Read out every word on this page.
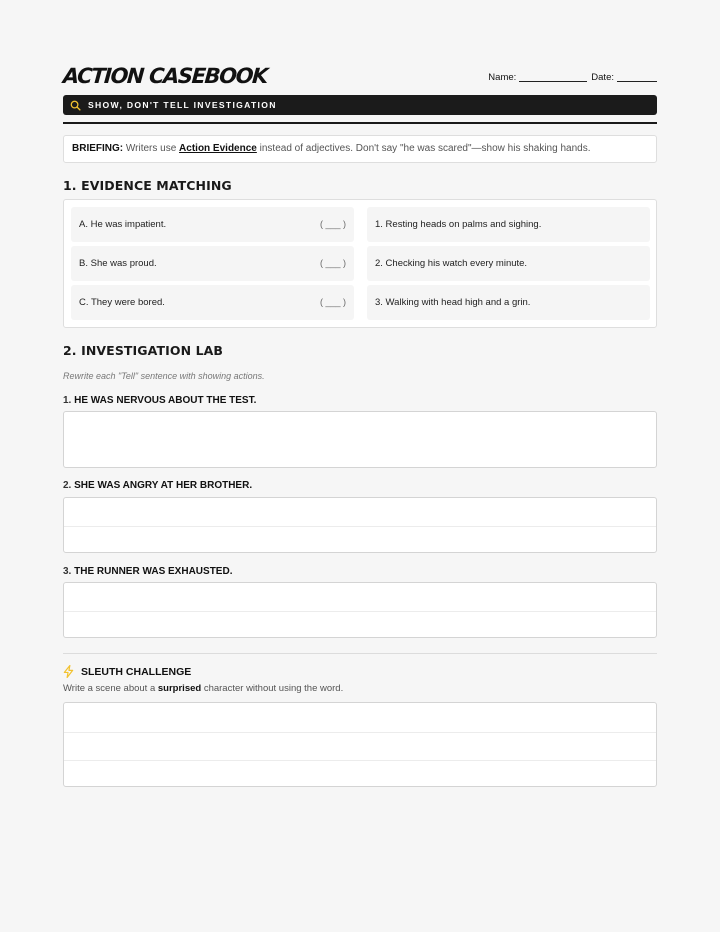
ACTION CASEBOOK	Name:	Date:
SHOW, DON'T TELL INVESTIGATION
BRIEFING: Writers use Action Evidence instead of adjectives. Don't say "he was scared"—show his shaking hands.
1. EVIDENCE MATCHING
A. He was impatient.	( ___ )
B. She was proud.	( ___ )
C. They were bored.	( ___ )
1. Resting heads on palms and sighing.
2. Checking his watch every minute.
3. Walking with head high and a grin.
2. INVESTIGATION LAB
Rewrite each "Tell" sentence with showing actions.
1. HE WAS NERVOUS ABOUT THE TEST.
2. SHE WAS ANGRY AT HER BROTHER.
3. THE RUNNER WAS EXHAUSTED.
SLEUTH CHALLENGE
Write a scene about a surprised character without using the word.
